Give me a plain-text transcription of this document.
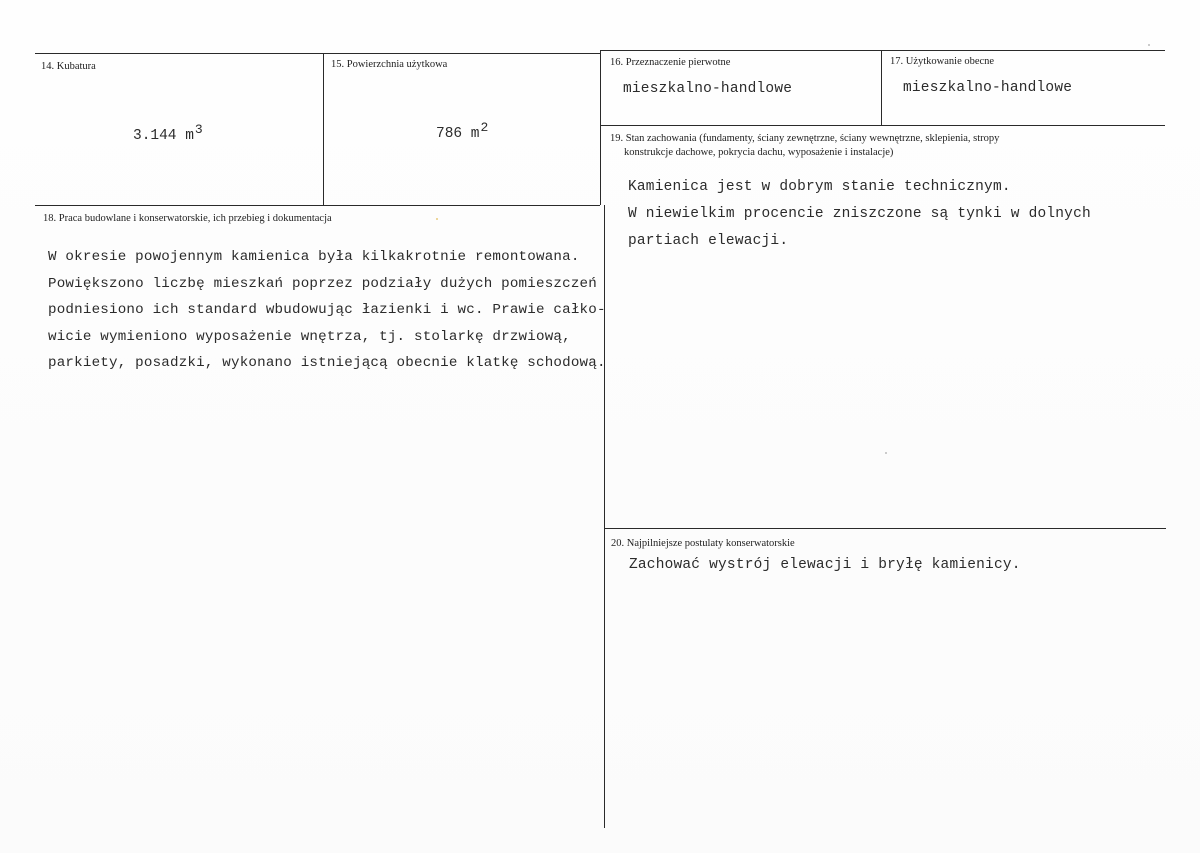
14. Kubatura
3.144 $m^3$
15. Powierzchnia użytkowa
786 $m^2$
16. Przeznaczenie pierwotne
mieszkalno-handlowe
17. Użytkowanie obecne
mieszkalno-handlowe
18. Praca budowlane i konserwatorskie, ich przebieg i dokumentacja
W okresie powojennym kamienica była kilkakrotnie remontowana.
Powiększono liczbę mieszkań poprzez podziały dużych pomieszczeń
podniesiono ich standard wbudowując łazienki i wc. Prawie całko-
wicie wymieniono wyposażenie wnętrza, tj. stolarkę drzwiową,
parkiety, posadzki, wykonano istniejącą obecnie klatkę schodową.
19. Stan zachowania (fundamenty, ściany zewnętrzne, ściany wewnętrzne, sklepienia, stropy
konstrukcje dachowe, pokrycia dachu, wyposażenie i instalacje)
Kamienica jest w dobrym stanie technicznym.
W niewielkim procencie zniszczone są tynki w dolnych
partiach elewacji.
20. Najpilniejsze postulaty konserwatorskie
Zachować wystrój elewacji i bryłę kamienicy.
